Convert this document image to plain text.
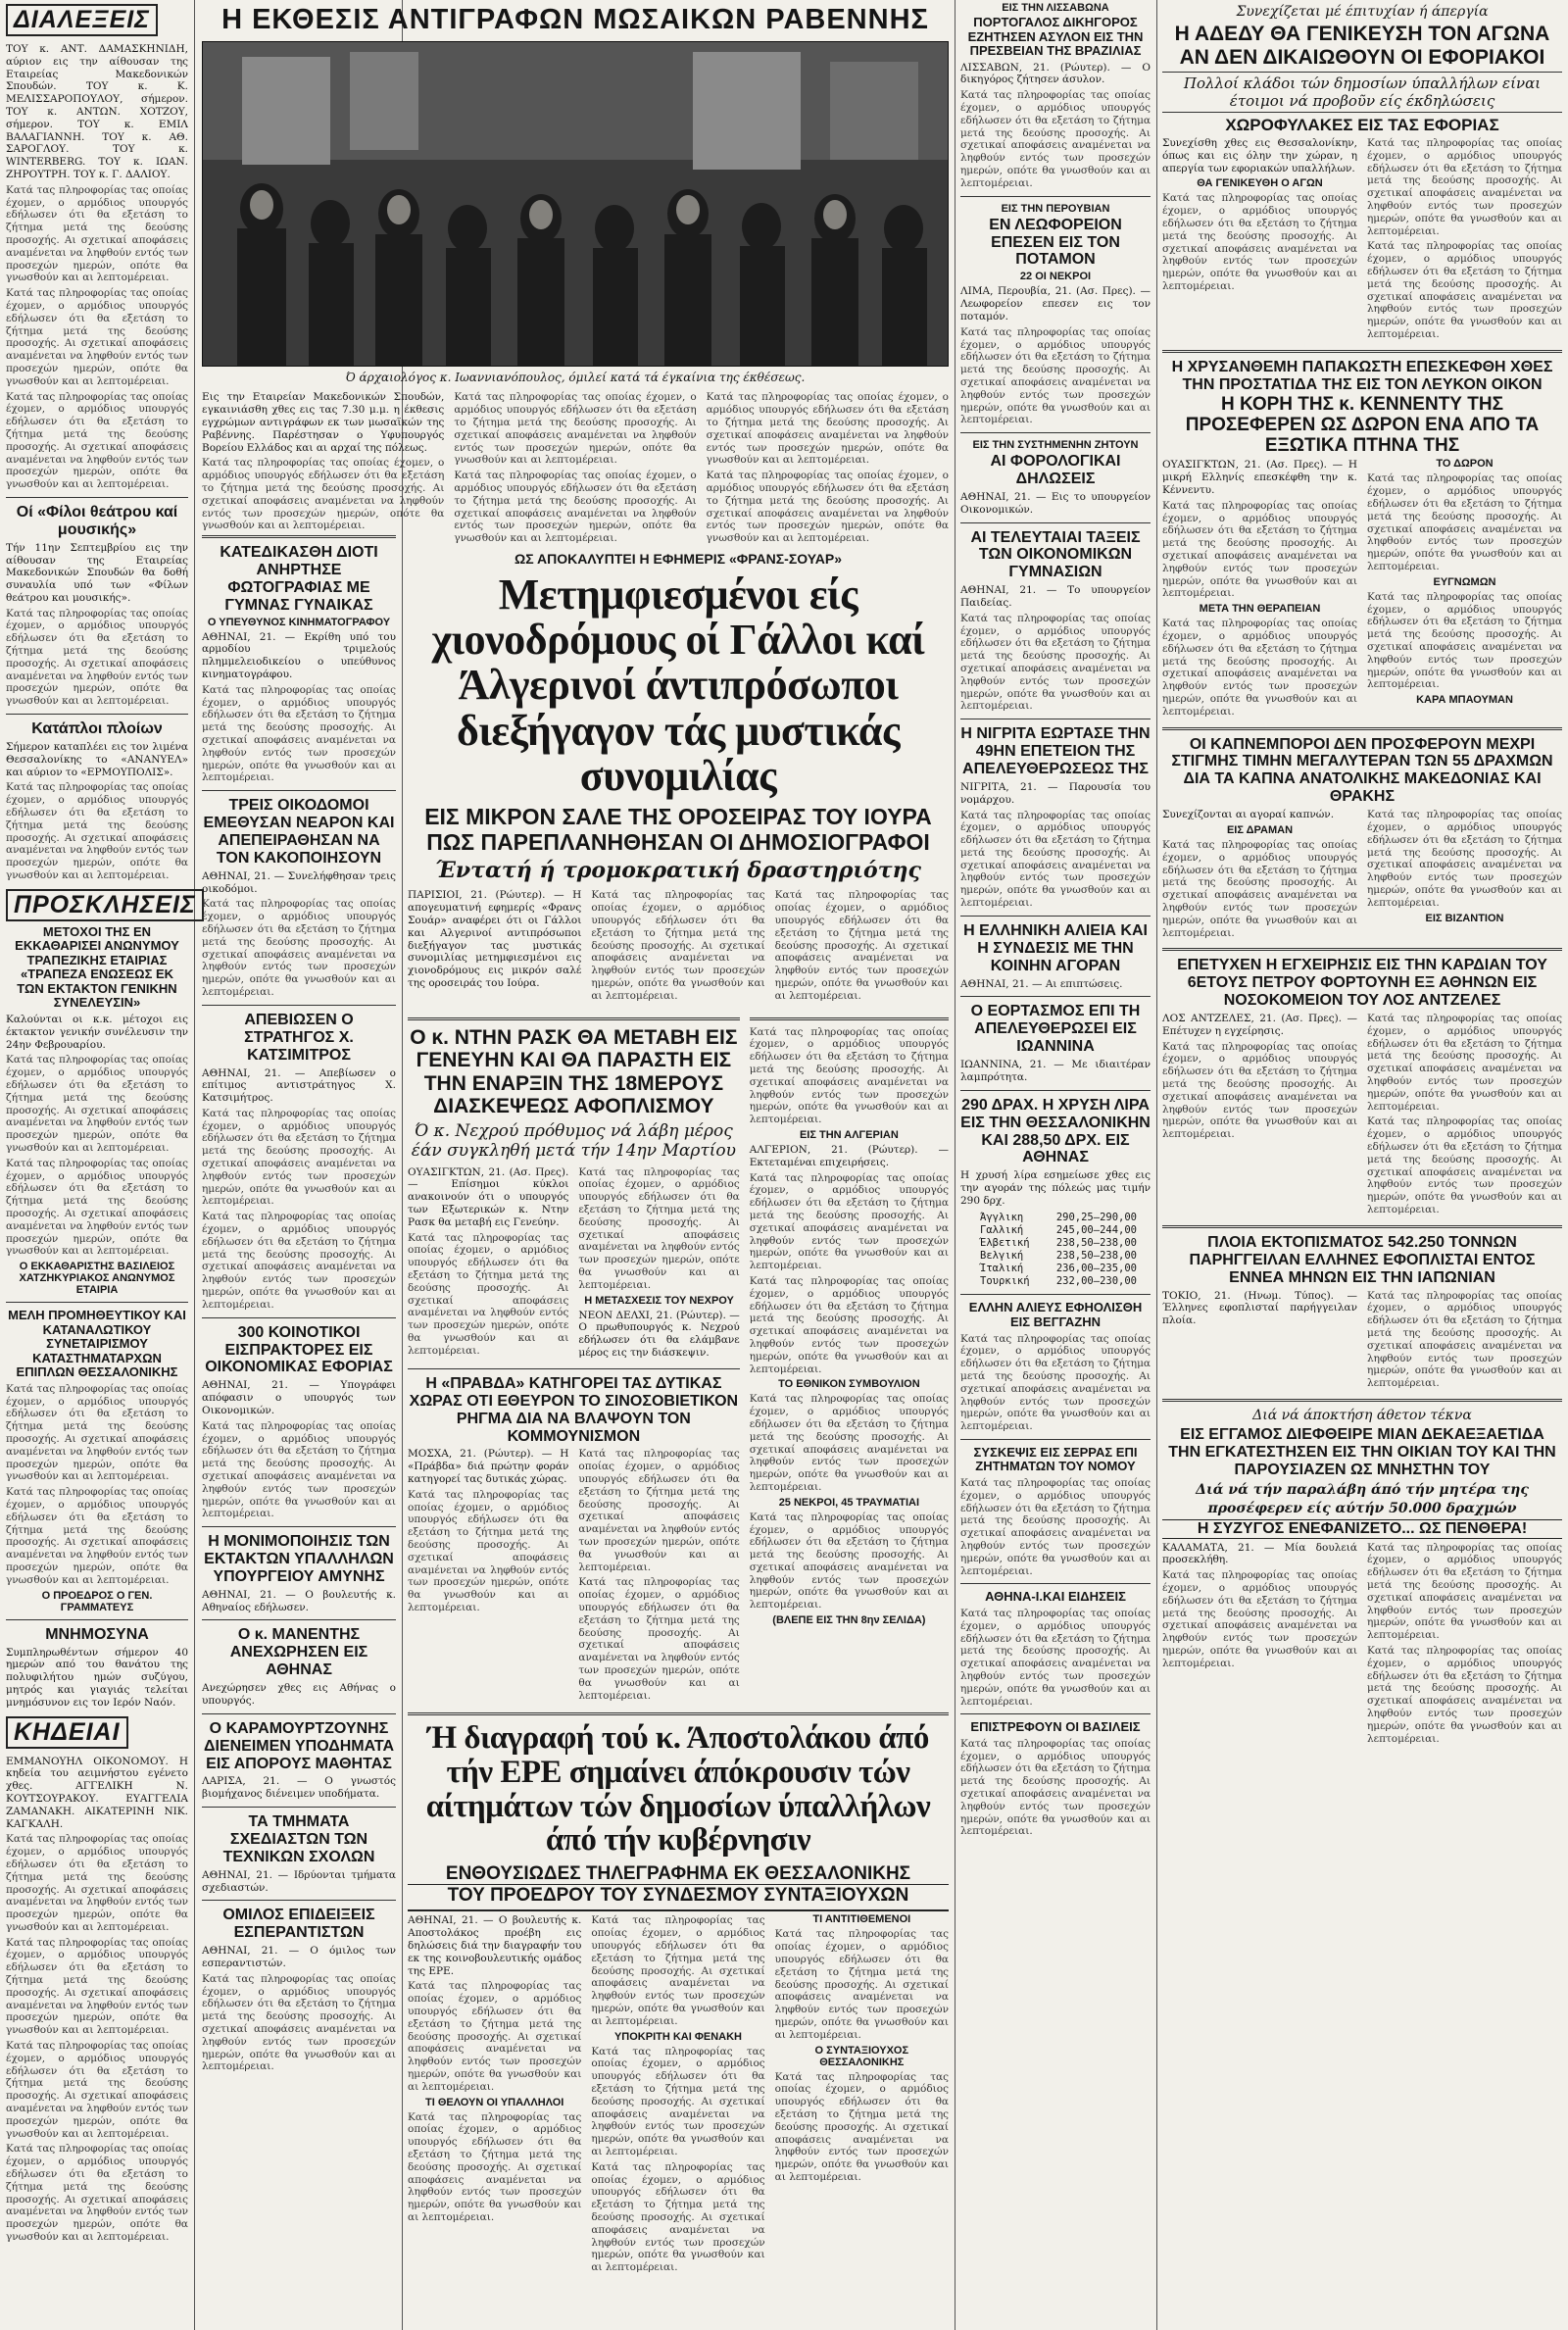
ΔΙΑΛΕΞΕΙΣ

ΤΟΥ κ. ΑΝΤ. ΔΑΜΑΣΚΗΝΙΔΗ, αύριον εις την αίθουσαν της Εταιρείας Μακεδονικών Σπουδών. ΤΟΥ κ. Κ. ΜΕΛΙΣΣΑΡΟΠΟΥΛΟΥ, σήμερον. ΤΟΥ κ. ΑΝΤΩΝ. ΧΟΤΖΟΥ, σήμερον. ΤΟΥ κ. ΕΜΙΛ ΒΑΛΑΓΙΑΝΝΗ. ΤΟΥ κ. ΑΘ. ΣΑΡΟΓΛΟΥ. ΤΟΥ κ. WINTERBERG. ΤΟΥ κ. ΙΩΑΝ. ΖΗΡΟΥΤΡΗ. ΤΟΥ κ. Γ. ΔΑΛΙΟΥ.

Κατά τας πληροφορίας τας οποίας έχομεν, ο αρμόδιος υπουργός εδήλωσεν ότι θα εξετάση το ζήτημα μετά της δεούσης προσοχής. Αι σχετικαί αποφάσεις αναμένεται να ληφθούν εντός των προσεχών ημερών, οπότε θα γνωσθούν και αι λεπτομέρειαι.

Κατά τας πληροφορίας τας οποίας έχομεν, ο αρμόδιος υπουργός εδήλωσεν ότι θα εξετάση το ζήτημα μετά της δεούσης προσοχής. Αι σχετικαί αποφάσεις αναμένεται να ληφθούν εντός των προσεχών ημερών, οπότε θα γνωσθούν και αι λεπτομέρειαι.

Κατά τας πληροφορίας τας οποίας έχομεν, ο αρμόδιος υπουργός εδήλωσεν ότι θα εξετάση το ζήτημα μετά της δεούσης προσοχής. Αι σχετικαί αποφάσεις αναμένεται να ληφθούν εντός των προσεχών ημερών, οπότε θα γνωσθούν και αι λεπτομέρειαι.

Οί «Φίλοι θεάτρου καί μουσικής»

Τήν 11ην Σεπτεμβρίου εις την αίθουσαν της Εταιρείας Μακεδονικών Σπουδών θα δοθή συναυλία υπό των «Φίλων θεάτρου και μουσικής».

Κατά τας πληροφορίας τας οποίας έχομεν, ο αρμόδιος υπουργός εδήλωσεν ότι θα εξετάση το ζήτημα μετά της δεούσης προσοχής. Αι σχετικαί αποφάσεις αναμένεται να ληφθούν εντός των προσεχών ημερών, οπότε θα γνωσθούν και αι λεπτομέρειαι.

Κατάπλοι πλοίων

Σήμερον καταπλέει εις τον λιμένα Θεσσαλονίκης το «ΑΝΑΝΥΕΛ» και αύριον το «ΕΡΜΟΥΠΟΛΙΣ».

Κατά τας πληροφορίας τας οποίας έχομεν, ο αρμόδιος υπουργός εδήλωσεν ότι θα εξετάση το ζήτημα μετά της δεούσης προσοχής. Αι σχετικαί αποφάσεις αναμένεται να ληφθούν εντός των προσεχών ημερών, οπότε θα γνωσθούν και αι λεπτομέρειαι.

ΠΡΟΣΚΛΗΣΕΙΣ
ΜΕΤΟΧΟΙ ΤΗΣ ΕΝ ΕΚΚΑΘΑΡΙΣΕΙ ΑΝΩΝΥΜΟΥ ΤΡΑΠΕΖΙΚΗΣ ΕΤΑΙΡΙΑΣ «ΤΡΑΠΕΖΑ ΕΝΩΣΕΩΣ ΕΚ ΤΩΝ ΕΚΤΑΚΤΟΝ ΓΕΝΙΚΗΝ ΣΥΝΕΛΕΥΣΙΝ»

Καλούνται οι κ.κ. μέτοχοι εις έκτακτον γενικήν συνέλευσιν την 24ην Φεβρουαρίου.

Κατά τας πληροφορίας τας οποίας έχομεν, ο αρμόδιος υπουργός εδήλωσεν ότι θα εξετάση το ζήτημα μετά της δεούσης προσοχής. Αι σχετικαί αποφάσεις αναμένεται να ληφθούν εντός των προσεχών ημερών, οπότε θα γνωσθούν και αι λεπτομέρειαι.

Κατά τας πληροφορίας τας οποίας έχομεν, ο αρμόδιος υπουργός εδήλωσεν ότι θα εξετάση το ζήτημα μετά της δεούσης προσοχής. Αι σχετικαί αποφάσεις αναμένεται να ληφθούν εντός των προσεχών ημερών, οπότε θα γνωσθούν και αι λεπτομέρειαι.

Ο ΕΚΚΑΘΑΡΙΣΤΗΣ ΒΑΣΙΛΕΙΟΣ ΧΑΤΖΗΚΥΡΙΑΚΟΣ ΑΝΩΝΥΜΟΣ ΕΤΑΙΡΙΑ

ΜΕΛΗ ΠΡΟΜΗΘΕΥΤΙΚΟΥ ΚΑΙ ΚΑΤΑΝΑΛΩΤΙΚΟΥ ΣΥΝΕΤΑΙΡΙΣΜΟΥ ΚΑΤΑΣΤΗΜΑΤΑΡΧΩΝ ΕΠΙΠΛΩΝ ΘΕΣΣΑΛΟΝΙΚΗΣ

Κατά τας πληροφορίας τας οποίας έχομεν, ο αρμόδιος υπουργός εδήλωσεν ότι θα εξετάση το ζήτημα μετά της δεούσης προσοχής. Αι σχετικαί αποφάσεις αναμένεται να ληφθούν εντός των προσεχών ημερών, οπότε θα γνωσθούν και αι λεπτομέρειαι.

Κατά τας πληροφορίας τας οποίας έχομεν, ο αρμόδιος υπουργός εδήλωσεν ότι θα εξετάση το ζήτημα μετά της δεούσης προσοχής. Αι σχετικαί αποφάσεις αναμένεται να ληφθούν εντός των προσεχών ημερών, οπότε θα γνωσθούν και αι λεπτομέρειαι.

Ο ΠΡΟΕΔΡΟΣ Ο ΓΕΝ. ΓΡΑΜΜΑΤΕΥΣ

ΜΝΗΜΟΣΥΝΑ

Συμπληρωθέντων σήμερον 40 ημερών από του θανάτου της πολυφιλήτου ημών συζύγου, μητρός και γιαγιάς τελείται μνημόσυνον εις τον Ιερόν Ναόν.

ΚΗΔΕΙΑΙ

ΕΜΜΑΝΟΥΗΛ ΟΙΚΟΝΟΜΟΥ. Η κηδεία του αειμνήστου εγένετο χθες. ΑΓΓΕΛΙΚΗ Ν. ΚΟΥΤΣΟΥΡΑΚΟΥ. ΕΥΑΓΓΕΛΙΑ ΖΑΜΑΝΑΚΗ. ΑΙΚΑΤΕΡΙΝΗ ΝΙΚ. ΚΑΓΚΑΛΗ.

Κατά τας πληροφορίας τας οποίας έχομεν, ο αρμόδιος υπουργός εδήλωσεν ότι θα εξετάση το ζήτημα μετά της δεούσης προσοχής. Αι σχετικαί αποφάσεις αναμένεται να ληφθούν εντός των προσεχών ημερών, οπότε θα γνωσθούν και αι λεπτομέρειαι.

Κατά τας πληροφορίας τας οποίας έχομεν, ο αρμόδιος υπουργός εδήλωσεν ότι θα εξετάση το ζήτημα μετά της δεούσης προσοχής. Αι σχετικαί αποφάσεις αναμένεται να ληφθούν εντός των προσεχών ημερών, οπότε θα γνωσθούν και αι λεπτομέρειαι.

Κατά τας πληροφορίας τας οποίας έχομεν, ο αρμόδιος υπουργός εδήλωσεν ότι θα εξετάση το ζήτημα μετά της δεούσης προσοχής. Αι σχετικαί αποφάσεις αναμένεται να ληφθούν εντός των προσεχών ημερών, οπότε θα γνωσθούν και αι λεπτομέρειαι.

Κατά τας πληροφορίας τας οποίας έχομεν, ο αρμόδιος υπουργός εδήλωσεν ότι θα εξετάση το ζήτημα μετά της δεούσης προσοχής. Αι σχετικαί αποφάσεις αναμένεται να ληφθούν εντός των προσεχών ημερών, οπότε θα γνωσθούν και αι λεπτομέρειαι.

Η ΕΚΘΕΣΙΣ ΑΝΤΙΓΡΑΦΩΝ ΜΩΣΑΙΚΩΝ ΡΑΒΕΝΝΗΣ

Ό άρχαιολόγος κ. Ιωαννιανόπουλος, όμιλεί κατά τά έγκαίνια της έκθέσεως.

Εις την Εταιρείαν Μακεδονικών Σπουδών, εγκαινιάσθη χθες εις τας 7.30 μ.μ. η έκθεσις εγχρώμων αντιγράφων εκ των μωσαϊκών της Ραβέννης. Παρέστησαν ο Υφυπουργός Βορείου Ελλάδος και αι αρχαί της πόλεως.

Κατά τας πληροφορίας τας οποίας έχομεν, ο αρμόδιος υπουργός εδήλωσεν ότι θα εξετάση το ζήτημα μετά της δεούσης προσοχής. Αι σχετικαί αποφάσεις αναμένεται να ληφθούν εντός των προσεχών ημερών, οπότε θα γνωσθούν και αι λεπτομέρειαι.

Κατά τας πληροφορίας τας οποίας έχομεν, ο αρμόδιος υπουργός εδήλωσεν ότι θα εξετάση το ζήτημα μετά της δεούσης προσοχής. Αι σχετικαί αποφάσεις αναμένεται να ληφθούν εντός των προσεχών ημερών, οπότε θα γνωσθούν και αι λεπτομέρειαι.

Κατά τας πληροφορίας τας οποίας έχομεν, ο αρμόδιος υπουργός εδήλωσεν ότι θα εξετάση το ζήτημα μετά της δεούσης προσοχής. Αι σχετικαί αποφάσεις αναμένεται να ληφθούν εντός των προσεχών ημερών, οπότε θα γνωσθούν και αι λεπτομέρειαι.

Κατά τας πληροφορίας τας οποίας έχομεν, ο αρμόδιος υπουργός εδήλωσεν ότι θα εξετάση το ζήτημα μετά της δεούσης προσοχής. Αι σχετικαί αποφάσεις αναμένεται να ληφθούν εντός των προσεχών ημερών, οπότε θα γνωσθούν και αι λεπτομέρειαι.

Κατά τας πληροφορίας τας οποίας έχομεν, ο αρμόδιος υπουργός εδήλωσεν ότι θα εξετάση το ζήτημα μετά της δεούσης προσοχής. Αι σχετικαί αποφάσεις αναμένεται να ληφθούν εντός των προσεχών ημερών, οπότε θα γνωσθούν και αι λεπτομέρειαι.

ΚΑΤΕΔΙΚΑΣΘΗ ΔΙΟΤΙ ΑΝΗΡΤΗΣΕ ΦΩΤΟΓΡΑΦΙΑΣ ΜΕ ΓΥΜΝΑΣ ΓΥΝΑΙΚΑΣ

Ο ΥΠΕΥΘΥΝΟΣ ΚΙΝΗΜΑΤΟΓΡΑΦΟΥ

ΑΘΗΝΑΙ, 21. — Εκρίθη υπό του αρμοδίου τριμελούς πλημμελειοδικείου ο υπεύθυνος κινηματογράφου.

Κατά τας πληροφορίας τας οποίας έχομεν, ο αρμόδιος υπουργός εδήλωσεν ότι θα εξετάση το ζήτημα μετά της δεούσης προσοχής. Αι σχετικαί αποφάσεις αναμένεται να ληφθούν εντός των προσεχών ημερών, οπότε θα γνωσθούν και αι λεπτομέρειαι.

ΤΡΕΙΣ ΟΙΚΟΔΟΜΟΙ ΕΜΕΘΥΣΑΝ ΝΕΑΡΟΝ ΚΑΙ ΑΠΕΠΕΙΡΑΘΗΣΑΝ ΝΑ ΤΟΝ ΚΑΚΟΠΟΙΗΣΟΥΝ

ΑΘΗΝΑΙ, 21. — Συνελήφθησαν τρεις οικοδόμοι.

Κατά τας πληροφορίας τας οποίας έχομεν, ο αρμόδιος υπουργός εδήλωσεν ότι θα εξετάση το ζήτημα μετά της δεούσης προσοχής. Αι σχετικαί αποφάσεις αναμένεται να ληφθούν εντός των προσεχών ημερών, οπότε θα γνωσθούν και αι λεπτομέρειαι.

ΑΠΕΒΙΩΣΕΝ Ο ΣΤΡΑΤΗΓΟΣ Χ. ΚΑΤΣΙΜΙΤΡΟΣ

ΑΘΗΝΑΙ, 21. — Απεβίωσεν ο επίτιμος αντιστράτηγος Χ. Κατσιμήτρος.

Κατά τας πληροφορίας τας οποίας έχομεν, ο αρμόδιος υπουργός εδήλωσεν ότι θα εξετάση το ζήτημα μετά της δεούσης προσοχής. Αι σχετικαί αποφάσεις αναμένεται να ληφθούν εντός των προσεχών ημερών, οπότε θα γνωσθούν και αι λεπτομέρειαι.

Κατά τας πληροφορίας τας οποίας έχομεν, ο αρμόδιος υπουργός εδήλωσεν ότι θα εξετάση το ζήτημα μετά της δεούσης προσοχής. Αι σχετικαί αποφάσεις αναμένεται να ληφθούν εντός των προσεχών ημερών, οπότε θα γνωσθούν και αι λεπτομέρειαι.

300 ΚΟΙΝΟΤΙΚΟΙ ΕΙΣΠΡΑΚΤΟΡΕΣ ΕΙΣ ΟΙΚΟΝΟΜΙΚΑΣ ΕΦΟΡΙΑΣ

ΑΘΗΝΑΙ, 21. — Υπογράφει απόφασιν ο υπουργός των Οικονομικών.

Κατά τας πληροφορίας τας οποίας έχομεν, ο αρμόδιος υπουργός εδήλωσεν ότι θα εξετάση το ζήτημα μετά της δεούσης προσοχής. Αι σχετικαί αποφάσεις αναμένεται να ληφθούν εντός των προσεχών ημερών, οπότε θα γνωσθούν και αι λεπτομέρειαι.

Η ΜΟΝΙΜΟΠΟΙΗΣΙΣ ΤΩΝ ΕΚΤΑΚΤΩΝ ΥΠΑΛΛΗΛΩΝ ΥΠΟΥΡΓΕΙΟΥ ΑΜΥΝΗΣ

ΑΘΗΝΑΙ, 21. — Ο βουλευτής κ. Αθηναίος εδήλωσεν.

Ο κ. ΜΑΝΕΝΤΗΣ ΑΝΕΧΩΡΗΣΕΝ ΕΙΣ ΑΘΗΝΑΣ

Ανεχώρησεν χθες εις Αθήνας ο υπουργός.

Ο ΚΑΡΑΜΟΥΡΤΖΟΥΝΗΣ ΔΙΕΝΕΙΜΕΝ ΥΠΟΔΗΜΑΤΑ ΕΙΣ ΑΠΟΡΟΥΣ ΜΑΘΗΤΑΣ

ΛΑΡΙΣΑ, 21. — Ο γνωστός βιομήχανος διένειμεν υποδήματα.

ΤΑ ΤΜΗΜΑΤΑ ΣΧΕΔΙΑΣΤΩΝ ΤΩΝ ΤΕΧΝΙΚΩΝ ΣΧΟΛΩΝ

ΑΘΗΝΑΙ, 21. — Ιδρύονται τμήματα σχεδιαστών.

ΟΜΙΛΟΣ ΕΠΙΔΕΙΞΕΙΣ ΕΣΠΕΡΑΝΤΙΣΤΩΝ

ΑΘΗΝΑΙ, 21. — Ο όμιλος των εσπεραντιστών.

Κατά τας πληροφορίας τας οποίας έχομεν, ο αρμόδιος υπουργός εδήλωσεν ότι θα εξετάση το ζήτημα μετά της δεούσης προσοχής. Αι σχετικαί αποφάσεις αναμένεται να ληφθούν εντός των προσεχών ημερών, οπότε θα γνωσθούν και αι λεπτομέρειαι.

ΩΣ ΑΠΟΚΑΛΥΠΤΕΙ Η ΕΦΗΜΕΡΙΣ «ΦΡΑΝΣ-ΣΟΥΑΡ»

Μετημφιεσμένοι είς χιονοδρόμους οί Γάλλοι καί Άλγερινοί άντιπρόσωποι διεξήγαγον τάς μυστικάς συνομιλίας
ΕΙΣ ΜΙΚΡΟΝ ΣΑΛΕ ΤΗΣ ΟΡΟΣΕΙΡΑΣ ΤΟΥ ΙΟΥΡΑ
ΠΩΣ ΠΑΡΕΠΛΑΝΗΘΗΣΑΝ ΟΙ ΔΗΜΟΣΙΟΓΡΑΦΟΙ

Έντατή ή τρομοκρατική δραστηριότης

ΠΑΡΙΣΙΟΙ, 21. (Ρώυτερ). — Η απογευματινή εφημερίς «Φρανς Σουάρ» αναφέρει ότι οι Γάλλοι και Αλγερινοί αντιπρόσωποι διεξήγαγον τας μυστικάς συνομιλίας μετημφιεσμένοι εις χιονοδρόμους εις μικρόν σαλέ της οροσειράς του Ιούρα.

Κατά τας πληροφορίας τας οποίας έχομεν, ο αρμόδιος υπουργός εδήλωσεν ότι θα εξετάση το ζήτημα μετά της δεούσης προσοχής. Αι σχετικαί αποφάσεις αναμένεται να ληφθούν εντός των προσεχών ημερών, οπότε θα γνωσθούν και αι λεπτομέρειαι.

Κατά τας πληροφορίας τας οποίας έχομεν, ο αρμόδιος υπουργός εδήλωσεν ότι θα εξετάση το ζήτημα μετά της δεούσης προσοχής. Αι σχετικαί αποφάσεις αναμένεται να ληφθούν εντός των προσεχών ημερών, οπότε θα γνωσθούν και αι λεπτομέρειαι.

Ο κ. ΝΤΗΝ ΡΑΣΚ ΘΑ ΜΕΤΑΒΗ ΕΙΣ ΓΕΝΕΥΗΝ ΚΑΙ ΘΑ ΠΑΡΑΣΤΗ ΕΙΣ ΤΗΝ ΕΝΑΡΞΙΝ ΤΗΣ 18ΜΕΡΟΥΣ ΔΙΑΣΚΕΨΕΩΣ ΑΦΟΠΛΙΣΜΟΥ

Ό κ. Νεχρού πρόθυμος νά λάβη μέρος έάν συγκληθή μετά τήν 14ην Μαρτίου

ΟΥΑΣΙΓΚΤΩΝ, 21. (Ασ. Πρες). — Επίσημοι κύκλοι ανακοινούν ότι ο υπουργός των Εξωτερικών κ. Ντην Ρασκ θα μεταβή εις Γενεύην.

Κατά τας πληροφορίας τας οποίας έχομεν, ο αρμόδιος υπουργός εδήλωσεν ότι θα εξετάση το ζήτημα μετά της δεούσης προσοχής. Αι σχετικαί αποφάσεις αναμένεται να ληφθούν εντός των προσεχών ημερών, οπότε θα γνωσθούν και αι λεπτομέρειαι.

Κατά τας πληροφορίας τας οποίας έχομεν, ο αρμόδιος υπουργός εδήλωσεν ότι θα εξετάση το ζήτημα μετά της δεούσης προσοχής. Αι σχετικαί αποφάσεις αναμένεται να ληφθούν εντός των προσεχών ημερών, οπότε θα γνωσθούν και αι λεπτομέρειαι.

Η ΜΕΤΑΣΧΕΣΙΣ ΤΟΥ ΝΕΧΡΟΥ

ΝΕΟΝ ΔΕΛΧΙ, 21. (Ρώυτερ). — Ο πρωθυπουργός κ. Νεχρού εδήλωσεν ότι θα ελάμβανε μέρος εις την διάσκεψιν.

Η «ΠΡΑΒΔΑ» ΚΑΤΗΓΟΡΕΙ ΤΑΣ ΔΥΤΙΚΑΣ ΧΩΡΑΣ ΟΤΙ ΕΘΕΥΡΟΝ ΤΟ ΣΙΝΟΣΟΒΙΕΤΙΚΟΝ ΡΗΓΜΑ ΔΙΑ ΝΑ ΒΛΑΨΟΥΝ ΤΟΝ ΚΟΜΜΟΥΝΙΣΜΟΝ

ΜΟΣΧΑ, 21. (Ρώυτερ). — Η «Πράβδα» διά πρώτην φοράν κατηγορεί τας δυτικάς χώρας.

Κατά τας πληροφορίας τας οποίας έχομεν, ο αρμόδιος υπουργός εδήλωσεν ότι θα εξετάση το ζήτημα μετά της δεούσης προσοχής. Αι σχετικαί αποφάσεις αναμένεται να ληφθούν εντός των προσεχών ημερών, οπότε θα γνωσθούν και αι λεπτομέρειαι.

Κατά τας πληροφορίας τας οποίας έχομεν, ο αρμόδιος υπουργός εδήλωσεν ότι θα εξετάση το ζήτημα μετά της δεούσης προσοχής. Αι σχετικαί αποφάσεις αναμένεται να ληφθούν εντός των προσεχών ημερών, οπότε θα γνωσθούν και αι λεπτομέρειαι.

Κατά τας πληροφορίας τας οποίας έχομεν, ο αρμόδιος υπουργός εδήλωσεν ότι θα εξετάση το ζήτημα μετά της δεούσης προσοχής. Αι σχετικαί αποφάσεις αναμένεται να ληφθούν εντός των προσεχών ημερών, οπότε θα γνωσθούν και αι λεπτομέρειαι.

Κατά τας πληροφορίας τας οποίας έχομεν, ο αρμόδιος υπουργός εδήλωσεν ότι θα εξετάση το ζήτημα μετά της δεούσης προσοχής. Αι σχετικαί αποφάσεις αναμένεται να ληφθούν εντός των προσεχών ημερών, οπότε θα γνωσθούν και αι λεπτομέρειαι.

ΕΙΣ ΤΗΝ ΑΛΓΕΡΙΑΝ

ΑΛΓΕΡΙΟΝ, 21. (Ρώυτερ). — Εκτεταμέναι επιχειρήσεις.

Κατά τας πληροφορίας τας οποίας έχομεν, ο αρμόδιος υπουργός εδήλωσεν ότι θα εξετάση το ζήτημα μετά της δεούσης προσοχής. Αι σχετικαί αποφάσεις αναμένεται να ληφθούν εντός των προσεχών ημερών, οπότε θα γνωσθούν και αι λεπτομέρειαι.

Κατά τας πληροφορίας τας οποίας έχομεν, ο αρμόδιος υπουργός εδήλωσεν ότι θα εξετάση το ζήτημα μετά της δεούσης προσοχής. Αι σχετικαί αποφάσεις αναμένεται να ληφθούν εντός των προσεχών ημερών, οπότε θα γνωσθούν και αι λεπτομέρειαι.

ΤΟ ΕΘΝΙΚΟΝ ΣΥΜΒΟΥΛΙΟΝ

Κατά τας πληροφορίας τας οποίας έχομεν, ο αρμόδιος υπουργός εδήλωσεν ότι θα εξετάση το ζήτημα μετά της δεούσης προσοχής. Αι σχετικαί αποφάσεις αναμένεται να ληφθούν εντός των προσεχών ημερών, οπότε θα γνωσθούν και αι λεπτομέρειαι.

25 ΝΕΚΡΟΙ, 45 ΤΡΑΥΜΑΤΙΑΙ

Κατά τας πληροφορίας τας οποίας έχομεν, ο αρμόδιος υπουργός εδήλωσεν ότι θα εξετάση το ζήτημα μετά της δεούσης προσοχής. Αι σχετικαί αποφάσεις αναμένεται να ληφθούν εντός των προσεχών ημερών, οπότε θα γνωσθούν και αι λεπτομέρειαι.

(ΒΛΕΠΕ ΕΙΣ ΤΗΝ 8ην ΣΕΛΙΔΑ)

Ή διαγραφή τού κ. Άποστολάκου άπό τήν ΕΡΕ σημαίνει άπόκρουσιν τών αίτημάτων τών δημοσίων ύπαλλήλων άπό τήν κυβέρνησιν
ΕΝΘΟΥΣΙΩΔΕΣ ΤΗΛΕΓΡΑΦΗΜΑ ΕΚ ΘΕΣΣΑΛΟΝΙΚΗΣ
ΤΟΥ ΠΡΟΕΔΡΟΥ ΤΟΥ ΣΥΝΔΕΣΜΟΥ ΣΥΝΤΑΞΙΟΥΧΩΝ

ΑΘΗΝΑΙ, 21. — Ο βουλευτής κ. Αποστολάκος προέβη εις δηλώσεις διά την διαγραφήν του εκ της κοινοβουλευτικής ομάδος της ΕΡΕ.

Κατά τας πληροφορίας τας οποίας έχομεν, ο αρμόδιος υπουργός εδήλωσεν ότι θα εξετάση το ζήτημα μετά της δεούσης προσοχής. Αι σχετικαί αποφάσεις αναμένεται να ληφθούν εντός των προσεχών ημερών, οπότε θα γνωσθούν και αι λεπτομέρειαι.

ΤΙ ΘΕΛΟΥΝ ΟΙ ΥΠΑΛΛΗΛΟΙ

Κατά τας πληροφορίας τας οποίας έχομεν, ο αρμόδιος υπουργός εδήλωσεν ότι θα εξετάση το ζήτημα μετά της δεούσης προσοχής. Αι σχετικαί αποφάσεις αναμένεται να ληφθούν εντός των προσεχών ημερών, οπότε θα γνωσθούν και αι λεπτομέρειαι.

Κατά τας πληροφορίας τας οποίας έχομεν, ο αρμόδιος υπουργός εδήλωσεν ότι θα εξετάση το ζήτημα μετά της δεούσης προσοχής. Αι σχετικαί αποφάσεις αναμένεται να ληφθούν εντός των προσεχών ημερών, οπότε θα γνωσθούν και αι λεπτομέρειαι.

ΥΠΟΚΡΙΤΗ ΚΑΙ ΦΕΝΑΚΗ

Κατά τας πληροφορίας τας οποίας έχομεν, ο αρμόδιος υπουργός εδήλωσεν ότι θα εξετάση το ζήτημα μετά της δεούσης προσοχής. Αι σχετικαί αποφάσεις αναμένεται να ληφθούν εντός των προσεχών ημερών, οπότε θα γνωσθούν και αι λεπτομέρειαι.

Κατά τας πληροφορίας τας οποίας έχομεν, ο αρμόδιος υπουργός εδήλωσεν ότι θα εξετάση το ζήτημα μετά της δεούσης προσοχής. Αι σχετικαί αποφάσεις αναμένεται να ληφθούν εντός των προσεχών ημερών, οπότε θα γνωσθούν και αι λεπτομέρειαι.

ΤΙ ΑΝΤΙΤΙΘΕΜΕΝΟΙ

Κατά τας πληροφορίας τας οποίας έχομεν, ο αρμόδιος υπουργός εδήλωσεν ότι θα εξετάση το ζήτημα μετά της δεούσης προσοχής. Αι σχετικαί αποφάσεις αναμένεται να ληφθούν εντός των προσεχών ημερών, οπότε θα γνωσθούν και αι λεπτομέρειαι.

Ο ΣΥΝΤΑΞΙΟΥΧΟΣ ΘΕΣΣΑΛΟΝΙΚΗΣ

Κατά τας πληροφορίας τας οποίας έχομεν, ο αρμόδιος υπουργός εδήλωσεν ότι θα εξετάση το ζήτημα μετά της δεούσης προσοχής. Αι σχετικαί αποφάσεις αναμένεται να ληφθούν εντός των προσεχών ημερών, οπότε θα γνωσθούν και αι λεπτομέρειαι.

ΕΙΣ ΤΗΝ ΛΙΣΣΑΒΩΝΑ

ΠΟΡΤΟΓΑΛΟΣ ΔΙΚΗΓΟΡΟΣ ΕΖΗΤΗΣΕΝ ΑΣΥΛΟΝ ΕΙΣ ΤΗΝ ΠΡΕΣΒΕΙΑΝ ΤΗΣ ΒΡΑΖΙΛΙΑΣ

ΛΙΣΣΑΒΩΝ, 21. (Ρώυτερ). — Ο δικηγόρος ζήτησεν άσυλον.

Κατά τας πληροφορίας τας οποίας έχομεν, ο αρμόδιος υπουργός εδήλωσεν ότι θα εξετάση το ζήτημα μετά της δεούσης προσοχής. Αι σχετικαί αποφάσεις αναμένεται να ληφθούν εντός των προσεχών ημερών, οπότε θα γνωσθούν και αι λεπτομέρειαι.

ΕΙΣ ΤΗΝ ΠΕΡΟΥΒΙΑΝ

ΕΝ ΛΕΩΦΟΡΕΙΟΝ ΕΠΕΣΕΝ ΕΙΣ ΤΟΝ ΠΟΤΑΜΟΝ

22 ΟΙ ΝΕΚΡΟΙ

ΛΙΜΑ, Περουβία, 21. (Ασ. Πρες). — Λεωφορείον επεσεν εις τον ποταμόν.

Κατά τας πληροφορίας τας οποίας έχομεν, ο αρμόδιος υπουργός εδήλωσεν ότι θα εξετάση το ζήτημα μετά της δεούσης προσοχής. Αι σχετικαί αποφάσεις αναμένεται να ληφθούν εντός των προσεχών ημερών, οπότε θα γνωσθούν και αι λεπτομέρειαι.

ΕΙΣ ΤΗΝ ΣΥΣΤΗΜΕΝΗΝ ΖΗΤΟΥΝ

ΑΙ ΦΟΡΟΛΟΓΙΚΑΙ ΔΗΛΩΣΕΙΣ

ΑΘΗΝΑΙ, 21. — Εις το υπουργείον Οικονομικών.

ΑΙ ΤΕΛΕΥΤΑΙΑΙ ΤΑΞΕΙΣ ΤΩΝ ΟΙΚΟΝΟΜΙΚΩΝ ΓΥΜΝΑΣΙΩΝ

ΑΘΗΝΑΙ, 21. — Το υπουργείον Παιδείας.

Κατά τας πληροφορίας τας οποίας έχομεν, ο αρμόδιος υπουργός εδήλωσεν ότι θα εξετάση το ζήτημα μετά της δεούσης προσοχής. Αι σχετικαί αποφάσεις αναμένεται να ληφθούν εντός των προσεχών ημερών, οπότε θα γνωσθούν και αι λεπτομέρειαι.

Η ΝΙΓΡΙΤΑ ΕΩΡΤΑΣΕ ΤΗΝ 49ΗΝ ΕΠΕΤΕΙΟΝ ΤΗΣ ΑΠΕΛΕΥΘΕΡΩΣΕΩΣ ΤΗΣ

ΝΙΓΡΙΤΑ, 21. — Παρουσία του νομάρχου.

Κατά τας πληροφορίας τας οποίας έχομεν, ο αρμόδιος υπουργός εδήλωσεν ότι θα εξετάση το ζήτημα μετά της δεούσης προσοχής. Αι σχετικαί αποφάσεις αναμένεται να ληφθούν εντός των προσεχών ημερών, οπότε θα γνωσθούν και αι λεπτομέρειαι.

Η ΕΛΛΗΝΙΚΗ ΑΛΙΕΙΑ ΚΑΙ Η ΣΥΝΔΕΣΙΣ ΜΕ ΤΗΝ ΚΟΙΝΗΝ ΑΓΟΡΑΝ

ΑΘΗΝΑΙ, 21. — Αι επιπτώσεις.

Ο ΕΟΡΤΑΣΜΟΣ ΕΠΙ ΤΗ ΑΠΕΛΕΥΘΕΡΩΣΕΙ ΕΙΣ ΙΩΑΝΝΙΝΑ

ΙΩΑΝΝΙΝΑ, 21. — Με ιδιαιτέραν λαμπρότητα.

290 ΔΡΑΧ. Η ΧΡΥΣΗ ΛΙΡΑ ΕΙΣ ΤΗΝ ΘΕΣΣΑΛΟΝΙΚΗΝ ΚΑΙ 288,50 ΔΡΧ. ΕΙΣ ΑΘΗΝΑΣ

Η χρυσή λίρα εσημείωσε χθες εις την αγοράν της πόλεώς μας τιμήν 290 δρχ.

Άγγλικη	290,25—290,00
Γαλλική	245,00—244,00
Έλβετική	238,50—238,00
Βελγική	238,50—238,00
Ίταλική	236,00—235,00
Τουρκική	232,00—230,00
ΕΛΛΗΝ ΑΛΙΕΥΣ ΕΦΗΟΛΙΣΘΗ ΕΙΣ ΒΕΓΓΑΖΗΝ

Κατά τας πληροφορίας τας οποίας έχομεν, ο αρμόδιος υπουργός εδήλωσεν ότι θα εξετάση το ζήτημα μετά της δεούσης προσοχής. Αι σχετικαί αποφάσεις αναμένεται να ληφθούν εντός των προσεχών ημερών, οπότε θα γνωσθούν και αι λεπτομέρειαι.

ΣΥΣΚΕΨΙΣ ΕΙΣ ΣΕΡΡΑΣ ΕΠΙ ΖΗΤΗΜΑΤΩΝ ΤΟΥ ΝΟΜΟΥ

Κατά τας πληροφορίας τας οποίας έχομεν, ο αρμόδιος υπουργός εδήλωσεν ότι θα εξετάση το ζήτημα μετά της δεούσης προσοχής. Αι σχετικαί αποφάσεις αναμένεται να ληφθούν εντός των προσεχών ημερών, οπότε θα γνωσθούν και αι λεπτομέρειαι.

ΑΘΗΝΑ-Ι.ΚΑΙ ΕΙΔΗΣΕΙΣ

Κατά τας πληροφορίας τας οποίας έχομεν, ο αρμόδιος υπουργός εδήλωσεν ότι θα εξετάση το ζήτημα μετά της δεούσης προσοχής. Αι σχετικαί αποφάσεις αναμένεται να ληφθούν εντός των προσεχών ημερών, οπότε θα γνωσθούν και αι λεπτομέρειαι.

ΕΠΙΣΤΡΕΦΟΥΝ ΟΙ ΒΑΣΙΛΕΙΣ

Κατά τας πληροφορίας τας οποίας έχομεν, ο αρμόδιος υπουργός εδήλωσεν ότι θα εξετάση το ζήτημα μετά της δεούσης προσοχής. Αι σχετικαί αποφάσεις αναμένεται να ληφθούν εντός των προσεχών ημερών, οπότε θα γνωσθούν και αι λεπτομέρειαι.

Συνεχίζεται μέ έπιτυχίαν ή άπεργία

Η ΑΔΕΔΥ ΘΑ ΓΕΝΙΚΕΥΣΗ ΤΟΝ ΑΓΩΝΑ ΑΝ ΔΕΝ ΔΙΚΑΙΩΘΟΥΝ ΟΙ ΕΦΟΡΙΑΚΟΙ

Πολλοί κλάδοι τών δημοσίων ύπαλλήλων είναι έτοιμοι νά προβοῦν είς έκδηλώσεις

ΧΩΡΟΦΥΛΑΚΕΣ ΕΙΣ ΤΑΣ ΕΦΟΡΙΑΣ

Συνεχίσθη χθες εις Θεσσαλονίκην, όπως και εις όλην την χώραν, η απεργία των εφοριακών υπαλλήλων.

ΘΑ ΓΕΝΙΚΕΥΘΗ Ο ΑΓΩΝ

Κατά τας πληροφορίας τας οποίας έχομεν, ο αρμόδιος υπουργός εδήλωσεν ότι θα εξετάση το ζήτημα μετά της δεούσης προσοχής. Αι σχετικαί αποφάσεις αναμένεται να ληφθούν εντός των προσεχών ημερών, οπότε θα γνωσθούν και αι λεπτομέρειαι.

Κατά τας πληροφορίας τας οποίας έχομεν, ο αρμόδιος υπουργός εδήλωσεν ότι θα εξετάση το ζήτημα μετά της δεούσης προσοχής. Αι σχετικαί αποφάσεις αναμένεται να ληφθούν εντός των προσεχών ημερών, οπότε θα γνωσθούν και αι λεπτομέρειαι.

Κατά τας πληροφορίας τας οποίας έχομεν, ο αρμόδιος υπουργός εδήλωσεν ότι θα εξετάση το ζήτημα μετά της δεούσης προσοχής. Αι σχετικαί αποφάσεις αναμένεται να ληφθούν εντός των προσεχών ημερών, οπότε θα γνωσθούν και αι λεπτομέρειαι.

Η ΧΡΥΣΑΝΘΕΜΗ ΠΑΠΑΚΩΣΤΗ ΕΠΕΣΚΕΦΘΗ ΧΘΕΣ ΤΗΝ ΠΡΟΣΤΑΤΙΔΑ ΤΗΣ ΕΙΣ ΤΟΝ ΛΕΥΚΟΝ ΟΙΚΟΝ
Η ΚΟΡΗ ΤΗΣ κ. ΚΕΝΝΕΝΤΥ ΤΗΣ ΠΡΟΣΕΦΕΡΕΝ ΩΣ ΔΩΡΟΝ ΕΝΑ ΑΠΟ ΤΑ ΕΞΩΤΙΚΑ ΠΤΗΝΑ ΤΗΣ

ΟΥΑΣΙΓΚΤΩΝ, 21. (Ασ. Πρες). — Η μικρή Ελληνίς επεσκέφθη την κ. Κέννεντυ.

Κατά τας πληροφορίας τας οποίας έχομεν, ο αρμόδιος υπουργός εδήλωσεν ότι θα εξετάση το ζήτημα μετά της δεούσης προσοχής. Αι σχετικαί αποφάσεις αναμένεται να ληφθούν εντός των προσεχών ημερών, οπότε θα γνωσθούν και αι λεπτομέρειαι.

ΜΕΤΑ ΤΗΝ ΘΕΡΑΠΕΙΑΝ

Κατά τας πληροφορίας τας οποίας έχομεν, ο αρμόδιος υπουργός εδήλωσεν ότι θα εξετάση το ζήτημα μετά της δεούσης προσοχής. Αι σχετικαί αποφάσεις αναμένεται να ληφθούν εντός των προσεχών ημερών, οπότε θα γνωσθούν και αι λεπτομέρειαι.

ΤΟ ΔΩΡΟΝ

Κατά τας πληροφορίας τας οποίας έχομεν, ο αρμόδιος υπουργός εδήλωσεν ότι θα εξετάση το ζήτημα μετά της δεούσης προσοχής. Αι σχετικαί αποφάσεις αναμένεται να ληφθούν εντός των προσεχών ημερών, οπότε θα γνωσθούν και αι λεπτομέρειαι.

ΕΥΓΝΩΜΩΝ

Κατά τας πληροφορίας τας οποίας έχομεν, ο αρμόδιος υπουργός εδήλωσεν ότι θα εξετάση το ζήτημα μετά της δεούσης προσοχής. Αι σχετικαί αποφάσεις αναμένεται να ληφθούν εντός των προσεχών ημερών, οπότε θα γνωσθούν και αι λεπτομέρειαι.

ΚΑΡΑ ΜΠΑΟΥΜΑΝ

ΟΙ ΚΑΠΝΕΜΠΟΡΟΙ ΔΕΝ ΠΡΟΣΦΕΡΟΥΝ ΜΕΧΡΙ ΣΤΙΓΜΗΣ ΤΙΜΗΝ ΜΕΓΑΛΥΤΕΡΑΝ ΤΩΝ 55 ΔΡΑΧΜΩΝ ΔΙΑ ΤΑ ΚΑΠΝΑ ΑΝΑΤΟΛΙΚΗΣ ΜΑΚΕΔΟΝΙΑΣ ΚΑΙ ΘΡΑΚΗΣ

Συνεχίζονται αι αγοραί καπνών.

ΕΙΣ ΔΡΑΜΑΝ

Κατά τας πληροφορίας τας οποίας έχομεν, ο αρμόδιος υπουργός εδήλωσεν ότι θα εξετάση το ζήτημα μετά της δεούσης προσοχής. Αι σχετικαί αποφάσεις αναμένεται να ληφθούν εντός των προσεχών ημερών, οπότε θα γνωσθούν και αι λεπτομέρειαι.

Κατά τας πληροφορίας τας οποίας έχομεν, ο αρμόδιος υπουργός εδήλωσεν ότι θα εξετάση το ζήτημα μετά της δεούσης προσοχής. Αι σχετικαί αποφάσεις αναμένεται να ληφθούν εντός των προσεχών ημερών, οπότε θα γνωσθούν και αι λεπτομέρειαι.

ΕΙΣ ΒΙΖΑΝΤΙΟΝ

ΕΠΕΤΥΧΕΝ Η ΕΓΧΕΙΡΗΣΙΣ ΕΙΣ ΤΗΝ ΚΑΡΔΙΑΝ ΤΟΥ 6ΕΤΟΥΣ ΠΕΤΡΟΥ ΦΟΡΤΟΥΝΗ ΕΞ ΑΘΗΝΩΝ ΕΙΣ ΝΟΣΟΚΟΜΕΙΟΝ ΤΟΥ ΛΟΣ ΑΝΤΖΕΛΕΣ

ΛΟΣ ΑΝΤΖΕΛΕΣ, 21. (Ασ. Πρες). — Επέτυχεν η εγχείρησις.

Κατά τας πληροφορίας τας οποίας έχομεν, ο αρμόδιος υπουργός εδήλωσεν ότι θα εξετάση το ζήτημα μετά της δεούσης προσοχής. Αι σχετικαί αποφάσεις αναμένεται να ληφθούν εντός των προσεχών ημερών, οπότε θα γνωσθούν και αι λεπτομέρειαι.

Κατά τας πληροφορίας τας οποίας έχομεν, ο αρμόδιος υπουργός εδήλωσεν ότι θα εξετάση το ζήτημα μετά της δεούσης προσοχής. Αι σχετικαί αποφάσεις αναμένεται να ληφθούν εντός των προσεχών ημερών, οπότε θα γνωσθούν και αι λεπτομέρειαι.

Κατά τας πληροφορίας τας οποίας έχομεν, ο αρμόδιος υπουργός εδήλωσεν ότι θα εξετάση το ζήτημα μετά της δεούσης προσοχής. Αι σχετικαί αποφάσεις αναμένεται να ληφθούν εντός των προσεχών ημερών, οπότε θα γνωσθούν και αι λεπτομέρειαι.

ΠΛΟΙΑ ΕΚΤΟΠΙΣΜΑΤΟΣ 542.250 ΤΟΝΝΩΝ ΠΑΡΗΓΓΕΙΛΑΝ ΕΛΛΗΝΕΣ ΕΦΟΠΛΙΣΤΑΙ ΕΝΤΟΣ ΕΝΝΕΑ ΜΗΝΩΝ ΕΙΣ ΤΗΝ ΙΑΠΩΝΙΑΝ

ΤΟΚΙΟ, 21. (Ηνωμ. Τύπος). — Έλληνες εφοπλισταί παρήγγειλαν πλοία.

Κατά τας πληροφορίας τας οποίας έχομεν, ο αρμόδιος υπουργός εδήλωσεν ότι θα εξετάση το ζήτημα μετά της δεούσης προσοχής. Αι σχετικαί αποφάσεις αναμένεται να ληφθούν εντός των προσεχών ημερών, οπότε θα γνωσθούν και αι λεπτομέρειαι.

Διά νά άποκτήση άθετον τέκνα

ΕΙΣ ΕΓΓΑΜΟΣ ΔΙΕΦΘΕΙΡΕ ΜΙΑΝ ΔΕΚΑΕΞΑΕΤΙΔΑ ΤΗΝ ΕΓΚΑΤΕΣΤΗΣΕΝ ΕΙΣ ΤΗΝ ΟΙΚΙΑΝ ΤΟΥ ΚΑΙ ΤΗΝ ΠΑΡΟΥΣΙΑΖΕΝ ΩΣ ΜΝΗΣΤΗΝ ΤΟΥ

Διά νά τήν παραλάβη άπό τήν μητέρα της

προσέφερεν είς αύτήν 50.000 δραχμών

Η ΣΥΖΥΓΟΣ ΕΝΕΦΑΝΙΖΕΤΟ... ΩΣ ΠΕΝΘΕΡΑ!

ΚΑΛΑΜΑΤΑ, 21. — Μία δουλειά προσεκλήθη.

Κατά τας πληροφορίας τας οποίας έχομεν, ο αρμόδιος υπουργός εδήλωσεν ότι θα εξετάση το ζήτημα μετά της δεούσης προσοχής. Αι σχετικαί αποφάσεις αναμένεται να ληφθούν εντός των προσεχών ημερών, οπότε θα γνωσθούν και αι λεπτομέρειαι.

Κατά τας πληροφορίας τας οποίας έχομεν, ο αρμόδιος υπουργός εδήλωσεν ότι θα εξετάση το ζήτημα μετά της δεούσης προσοχής. Αι σχετικαί αποφάσεις αναμένεται να ληφθούν εντός των προσεχών ημερών, οπότε θα γνωσθούν και αι λεπτομέρειαι.

Κατά τας πληροφορίας τας οποίας έχομεν, ο αρμόδιος υπουργός εδήλωσεν ότι θα εξετάση το ζήτημα μετά της δεούσης προσοχής. Αι σχετικαί αποφάσεις αναμένεται να ληφθούν εντός των προσεχών ημερών, οπότε θα γνωσθούν και αι λεπτομέρειαι.
